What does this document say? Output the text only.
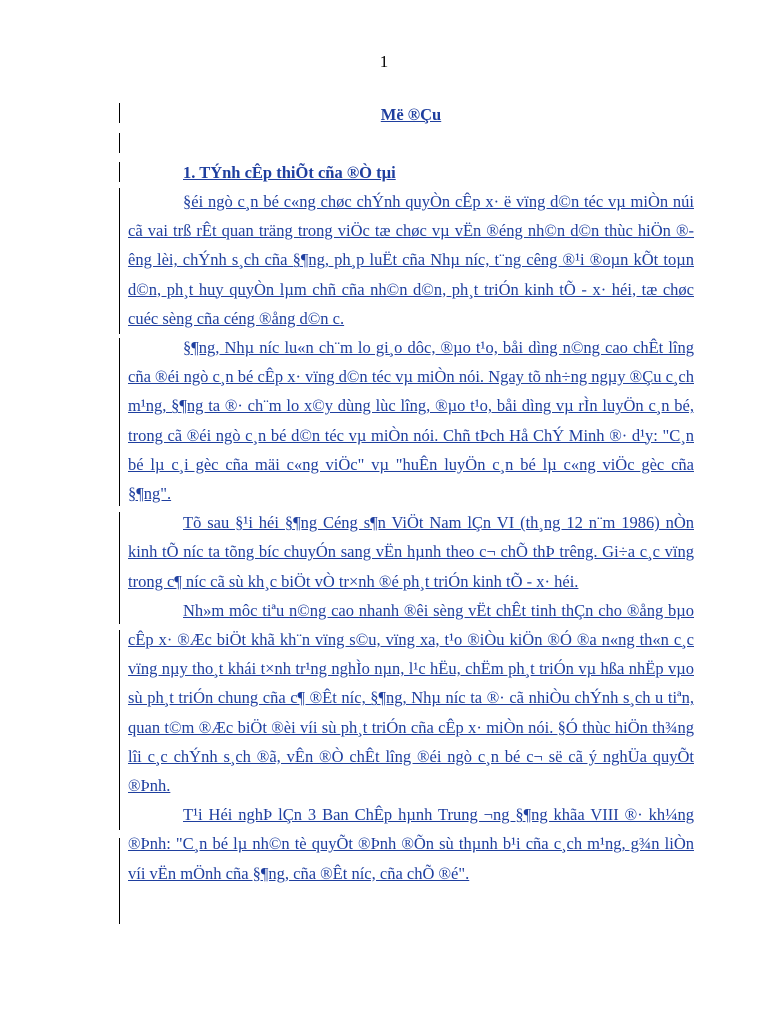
1
Më ®Çu
1. TÝnh cÊp thiÕt cña ®Ò tµi

§éi ngò c¸n bé c«ng chøc chÝnh quyÒn cÊp x· ë vïng d©n téc vµ miÒn núi cã vai trß rÊt quan träng trong viÖc tæ chøc vµ vËn ®éng nh©n d©n thùc hiÖn ®êng lèi, chÝnh s¸ch cña §¶ng, ph¸p luËt cña Nhµ níc, t¨ng cêng ®¹i ®oµn kÕt toµn d©n, ph¸t huy quyÒn lµm chñ cña nh©n d©n, ph¸t triÓn kinh tÕ - x· héi, tæ chøc cuéc sèng cña céng ®ång d©n c.

§¶ng, Nhµ níc lu«n ch¨m lo gi¸o dôc, ®µo t¹o, båi dìng n©ng cao chÊt lîng cña ®éi ngò c¸n bé cÊp x· vïng d©n téc vµ miÒn nói. Ngay tõ nh÷ng ngµy ®Çu c¸ch m¹ng, §¶ng ta ®· ch¨m lo x©y dùng lùc lîng, ®µo t¹o, båi dìng vµ rÌn luyÖn c¸n bé, trong cã ®éi ngò c¸n bé d©n téc vµ miÒn nói. Chñ tÞch Hå ChÝ Minh ®· d¹y: "C¸n bé lµ c¸i gèc cña mäi c«ng viÖc" vµ "huÊn luyÖn c¸n bé lµ c«ng viÖc gèc cña §¶ng".

Tõ sau §¹i héi §¶ng Céng s¶n ViÖt Nam lÇn VI (th¸ng 12 n¨m 1986) nÒn kinh tÕ níc ta tõng bíc chuyÓn sang vËn hµnh theo c¬ chÕ thÞ trêng. Gi÷a c¸c vïng trong c¶ níc cã sù kh¸c biÖt vÒ tr×nh ®é ph¸t triÓn kinh tÕ - x· héi.

Nh»m môc tiªu n©ng cao nhanh ®êi sèng vËt chÊt tinh thÇn cho ®ång bµo cÊp x· ®Æc biÖt khã kh¨n vïng s©u, vïng xa, t¹o ®iÒu kiÖn ®Ó ®a n«ng th«n c¸c vïng nµy tho¸t khái t×nh tr¹ng nghÌo nµn, l¹c hËu, chËm ph¸t triÓn vµ hßa nhËp vµo sù ph¸t triÓn chung cña c¶ ®Êt níc, §¶ng, Nhµ níc ta ®· cã nhiÒu chÝnh s¸ch u tiªn, quan t©m ®Æc biÖt ®èi víi sù ph¸t triÓn cña cÊp x· miÒn nói. §Ó thùc hiÖn th¾ng lîi c¸c chÝnh s¸ch ®ã, vÊn ®Ò chÊt lîng ®éi ngò c¸n bé c¬ së cã ý nghÜa quyÕt ®Þnh.

T¹i Héi nghÞ lÇn 3 Ban ChÊp hµnh Trung ¬ng §¶ng khãa VIII ®· kh¼ng ®Þnh: "C¸n bé lµ nh©n tè quyÕt ®Þnh ®Õn sù thµnh b¹i cña c¸ch m¹ng, g¾n liÒn víi vËn mÖnh cña §¶ng, cña ®Êt níc, cña chÕ ®é".
